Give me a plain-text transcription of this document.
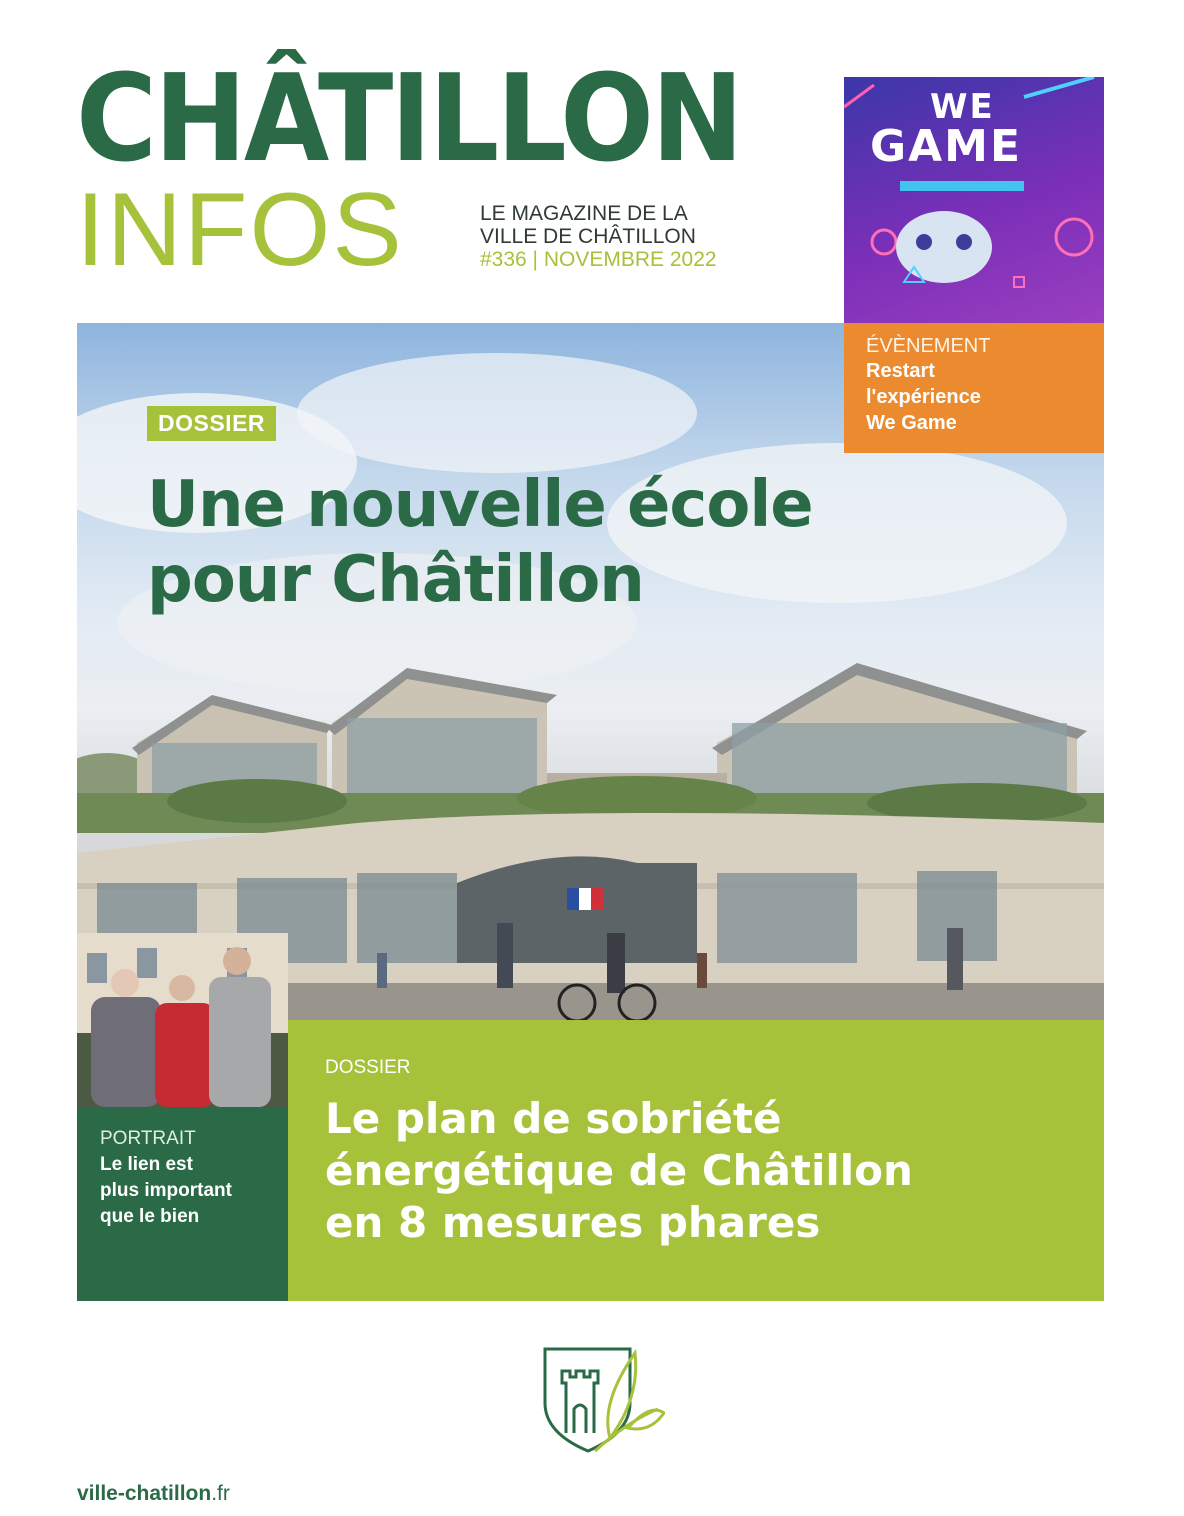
CHÂTILLON
INFOS	LE MAGAZINE DE LA
VILLE DE CHÂTILLON
#336 | NOVEMBRE 2022
DOSSIER
Une nouvelle école pour Châtillon
WE
GAME
ÉVÈNEMENT
Restart
l'expérience
We Game
PORTRAIT
Le lien est
plus important
que le bien
DOSSIER
Le plan de sobriété
énergétique de Châtillon
en 8 mesures phares
ville-chatillon.fr
